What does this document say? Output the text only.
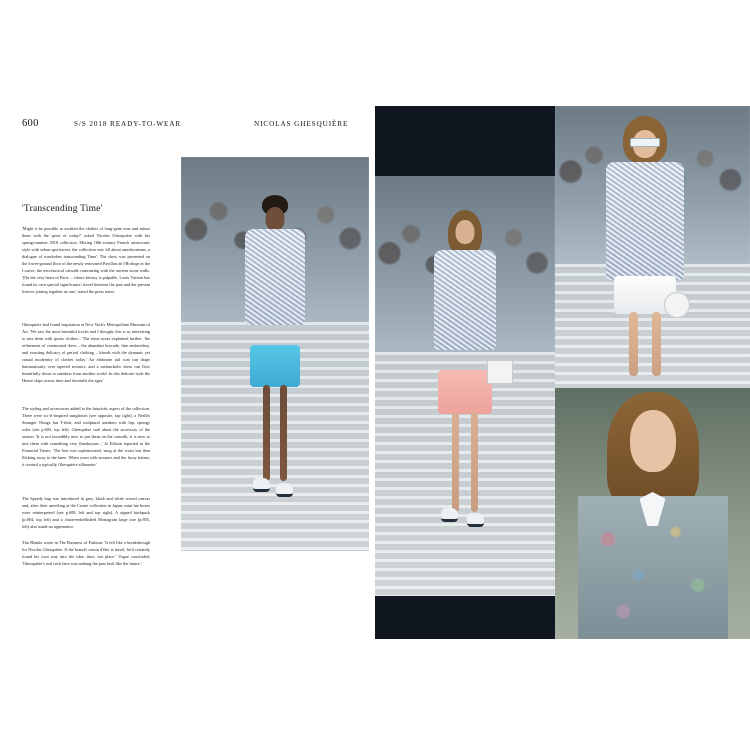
600	S/S 2018 READY-TO-WEAR	NICOLAS GHESQUIÈRE
'Transcending Time'
'Might it be possible to awaken the clothes of long-gone eras and infuse them with the spirit of today?' asked Nicolas Ghesquière with his spring/summer 2018 collection. Mixing 18th-century French aristocratic style with urban sportswear, the collection was 'all about anachronisms, a dialogue of wardrobes transcending Time'. The show was presented on the lower-ground floor of the newly renovated Pavillon de l'Horloge at the Louvre, the neoclassical catwalk contrasting with the ancient stone walls. '[I]n the very heart of Paris ... where history is palpable, Louis Vuitton has found its own special significance: travel between the past and the present forever joining together as one,' stated the press notes.
Ghesquière had found inspiration at New York's Metropolitan Museum of Art. 'We saw the most beautiful frocks and I thought, this is so interesting to mix them with sports clothes...' The show notes explained further: 'the refinement of ceremonial dress – the abundant brocade, fine embroidery, and exacting delicacy of period clothing – blends with the dynamic yet casual modernity of clothes today.' An elaborate tail coat can drape harmoniously over tapered trousers, and a melancholic dress can flow beautifully down to sneakers from another world. In this delicate style the House skips across time and dovetails the ages.'
The styling and accessories added to the futuristic aspect of the collection. There were sci-fi-inspired sunglasses (see opposite, top right), a Netflix Stranger Things fan T-shirt, and sculptural sneakers with hip, springy soles (see p.603, top left). Ghesquière said about the accessory of the season: 'It is not incredibly new to put them on the catwalk, it is new to mix them with something very flamboyant...' Jo Ellison reported in the Financial Times: 'The line was sophisticated, snug at the waist but then flicking away to the knee. When worn with trousers and the fussy trainer, it created a typically Ghesquière silhouette.'
The Speedy bag was introduced in grey, black and white waxed canvas and, after their unveiling at the Cruise collection in Japan, mini hat boxes were reinterpreted (see p.608, left and top right). A zipped backpack (p.804, top left) and a chain-embellished Monogram large tote (p.805, left) also made an appearance.
Tim Blanks wrote in The Business of Fashion: 'It felt like a breakthrough for Nicolas Ghesquière. If the brand's raison d'être is travel, he'd certainly found his own way into the idea: time, not place.' Vogue concluded: 'Ghesquière's real trick here was making the past look like the future.'
